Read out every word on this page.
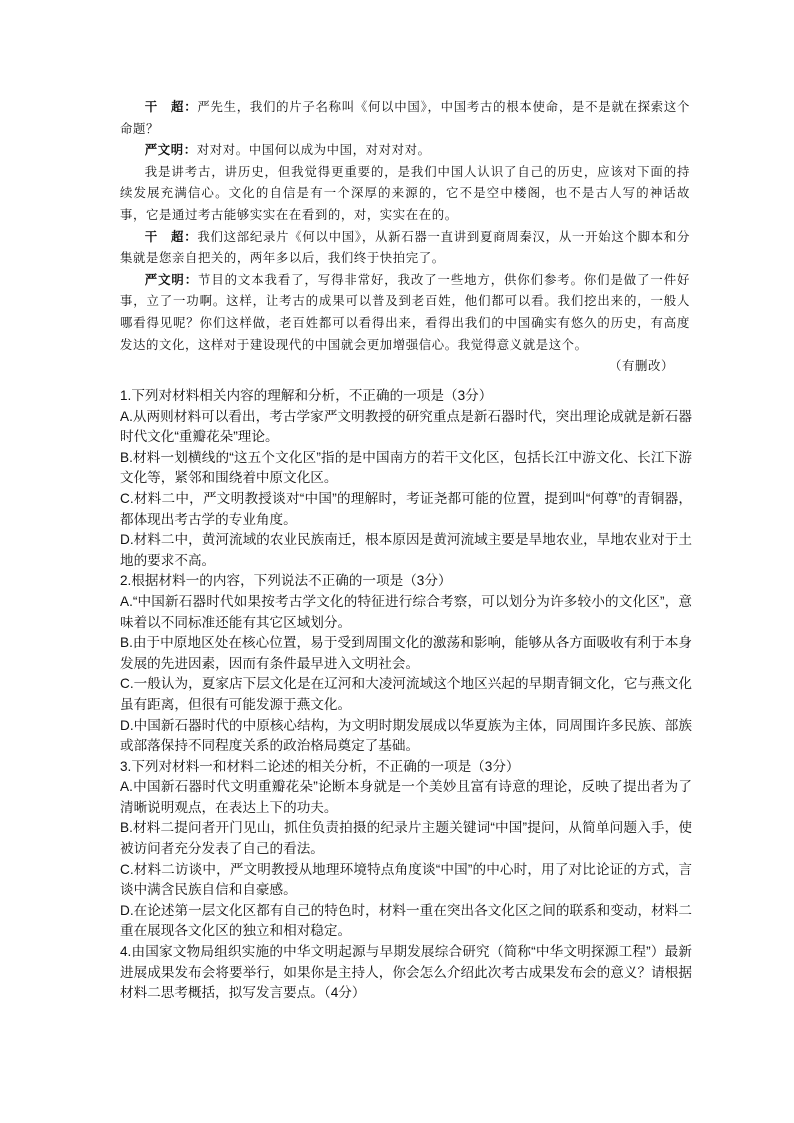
干　超：严先生，我们的片子名称叫《何以中国》，中国考古的根本使命，是不是就在探索这个命题？

严文明：对对对。中国何以成为中国，对对对对。

我是讲考古，讲历史，但我觉得更重要的，是我们中国人认识了自己的历史，应该对下面的持续发展充满信心。文化的自信是有一个深厚的来源的，它不是空中楼阁，也不是古人写的神话故事，它是通过考古能够实实在在看到的，对，实实在在的。

干　超：我们这部纪录片《何以中国》，从新石器一直讲到夏商周秦汉，从一开始这个脚本和分集就是您亲自把关的，两年多以后，我们终于快拍完了。

严文明：节目的文本我看了，写得非常好，我改了一些地方，供你们参考。你们是做了一件好事，立了一功啊。这样，让考古的成果可以普及到老百姓，他们都可以看。我们挖出来的，一般人哪看得见呢？你们这样做，老百姓都可以看得出来，看得出我们的中国确实有悠久的历史，有高度发达的文化，这样对于建设现代的中国就会更加增强信心。我觉得意义就是这个。

（有删改）

1.下列对材料相关内容的理解和分析，不正确的一项是（3分）

A.从两则材料可以看出，考古学家严文明教授的研究重点是新石器时代，突出理论成就是新石器时代文化“重瓣花朵”理论。

B.材料一划横线的“这五个文化区”指的是中国南方的若干文化区，包括长江中游文化、长江下游文化等，紧邻和围绕着中原文化区。

C.材料二中，严文明教授谈对“中国”的理解时，考证尧都可能的位置，提到叫“何尊”的青铜器，都体现出考古学的专业角度。

D.材料二中，黄河流域的农业民族南迁，根本原因是黄河流域主要是旱地农业，旱地农业对于土地的要求不高。

2.根据材料一的内容，下列说法不正确的一项是（3分）

A.“中国新石器时代如果按考古学文化的特征进行综合考察，可以划分为许多较小的文化区”，意味着以不同标准还能有其它区域划分。

B.由于中原地区处在核心位置，易于受到周围文化的激荡和影响，能够从各方面吸收有利于本身发展的先进因素，因而有条件最早进入文明社会。

C.一般认为，夏家店下层文化是在辽河和大凌河流域这个地区兴起的早期青铜文化，它与燕文化虽有距离，但很有可能发源于燕文化。

D.中国新石器时代的中原核心结构，为文明时期发展成以华夏族为主体，同周围许多民族、部族或部落保持不同程度关系的政治格局奠定了基础。

3.下列对材料一和材料二论述的相关分析，不正确的一项是（3分）

A.中国新石器时代文明重瓣花朵”论断本身就是一个美妙且富有诗意的理论，反映了提出者为了清晰说明观点，在表达上下的功夫。

B.材料二提问者开门见山，抓住负责拍摄的纪录片主题关键词“中国”提问，从简单问题入手，使被访问者充分发表了自己的看法。

C.材料二访谈中，严文明教授从地理环境特点角度谈“中国”的中心时，用了对比论证的方式，言谈中满含民族自信和自豪感。

D.在论述第一层文化区都有自己的特色时，材料一重在突出各文化区之间的联系和变动，材料二重在展现各文化区的独立和相对稳定。

4.由国家文物局组织实施的中华文明起源与早期发展综合研究（简称“中华文明探源工程”）最新进展成果发布会将要举行，如果你是主持人，你会怎么介绍此次考古成果发布会的意义？请根据材料二思考概括，拟写发言要点。（4分）
